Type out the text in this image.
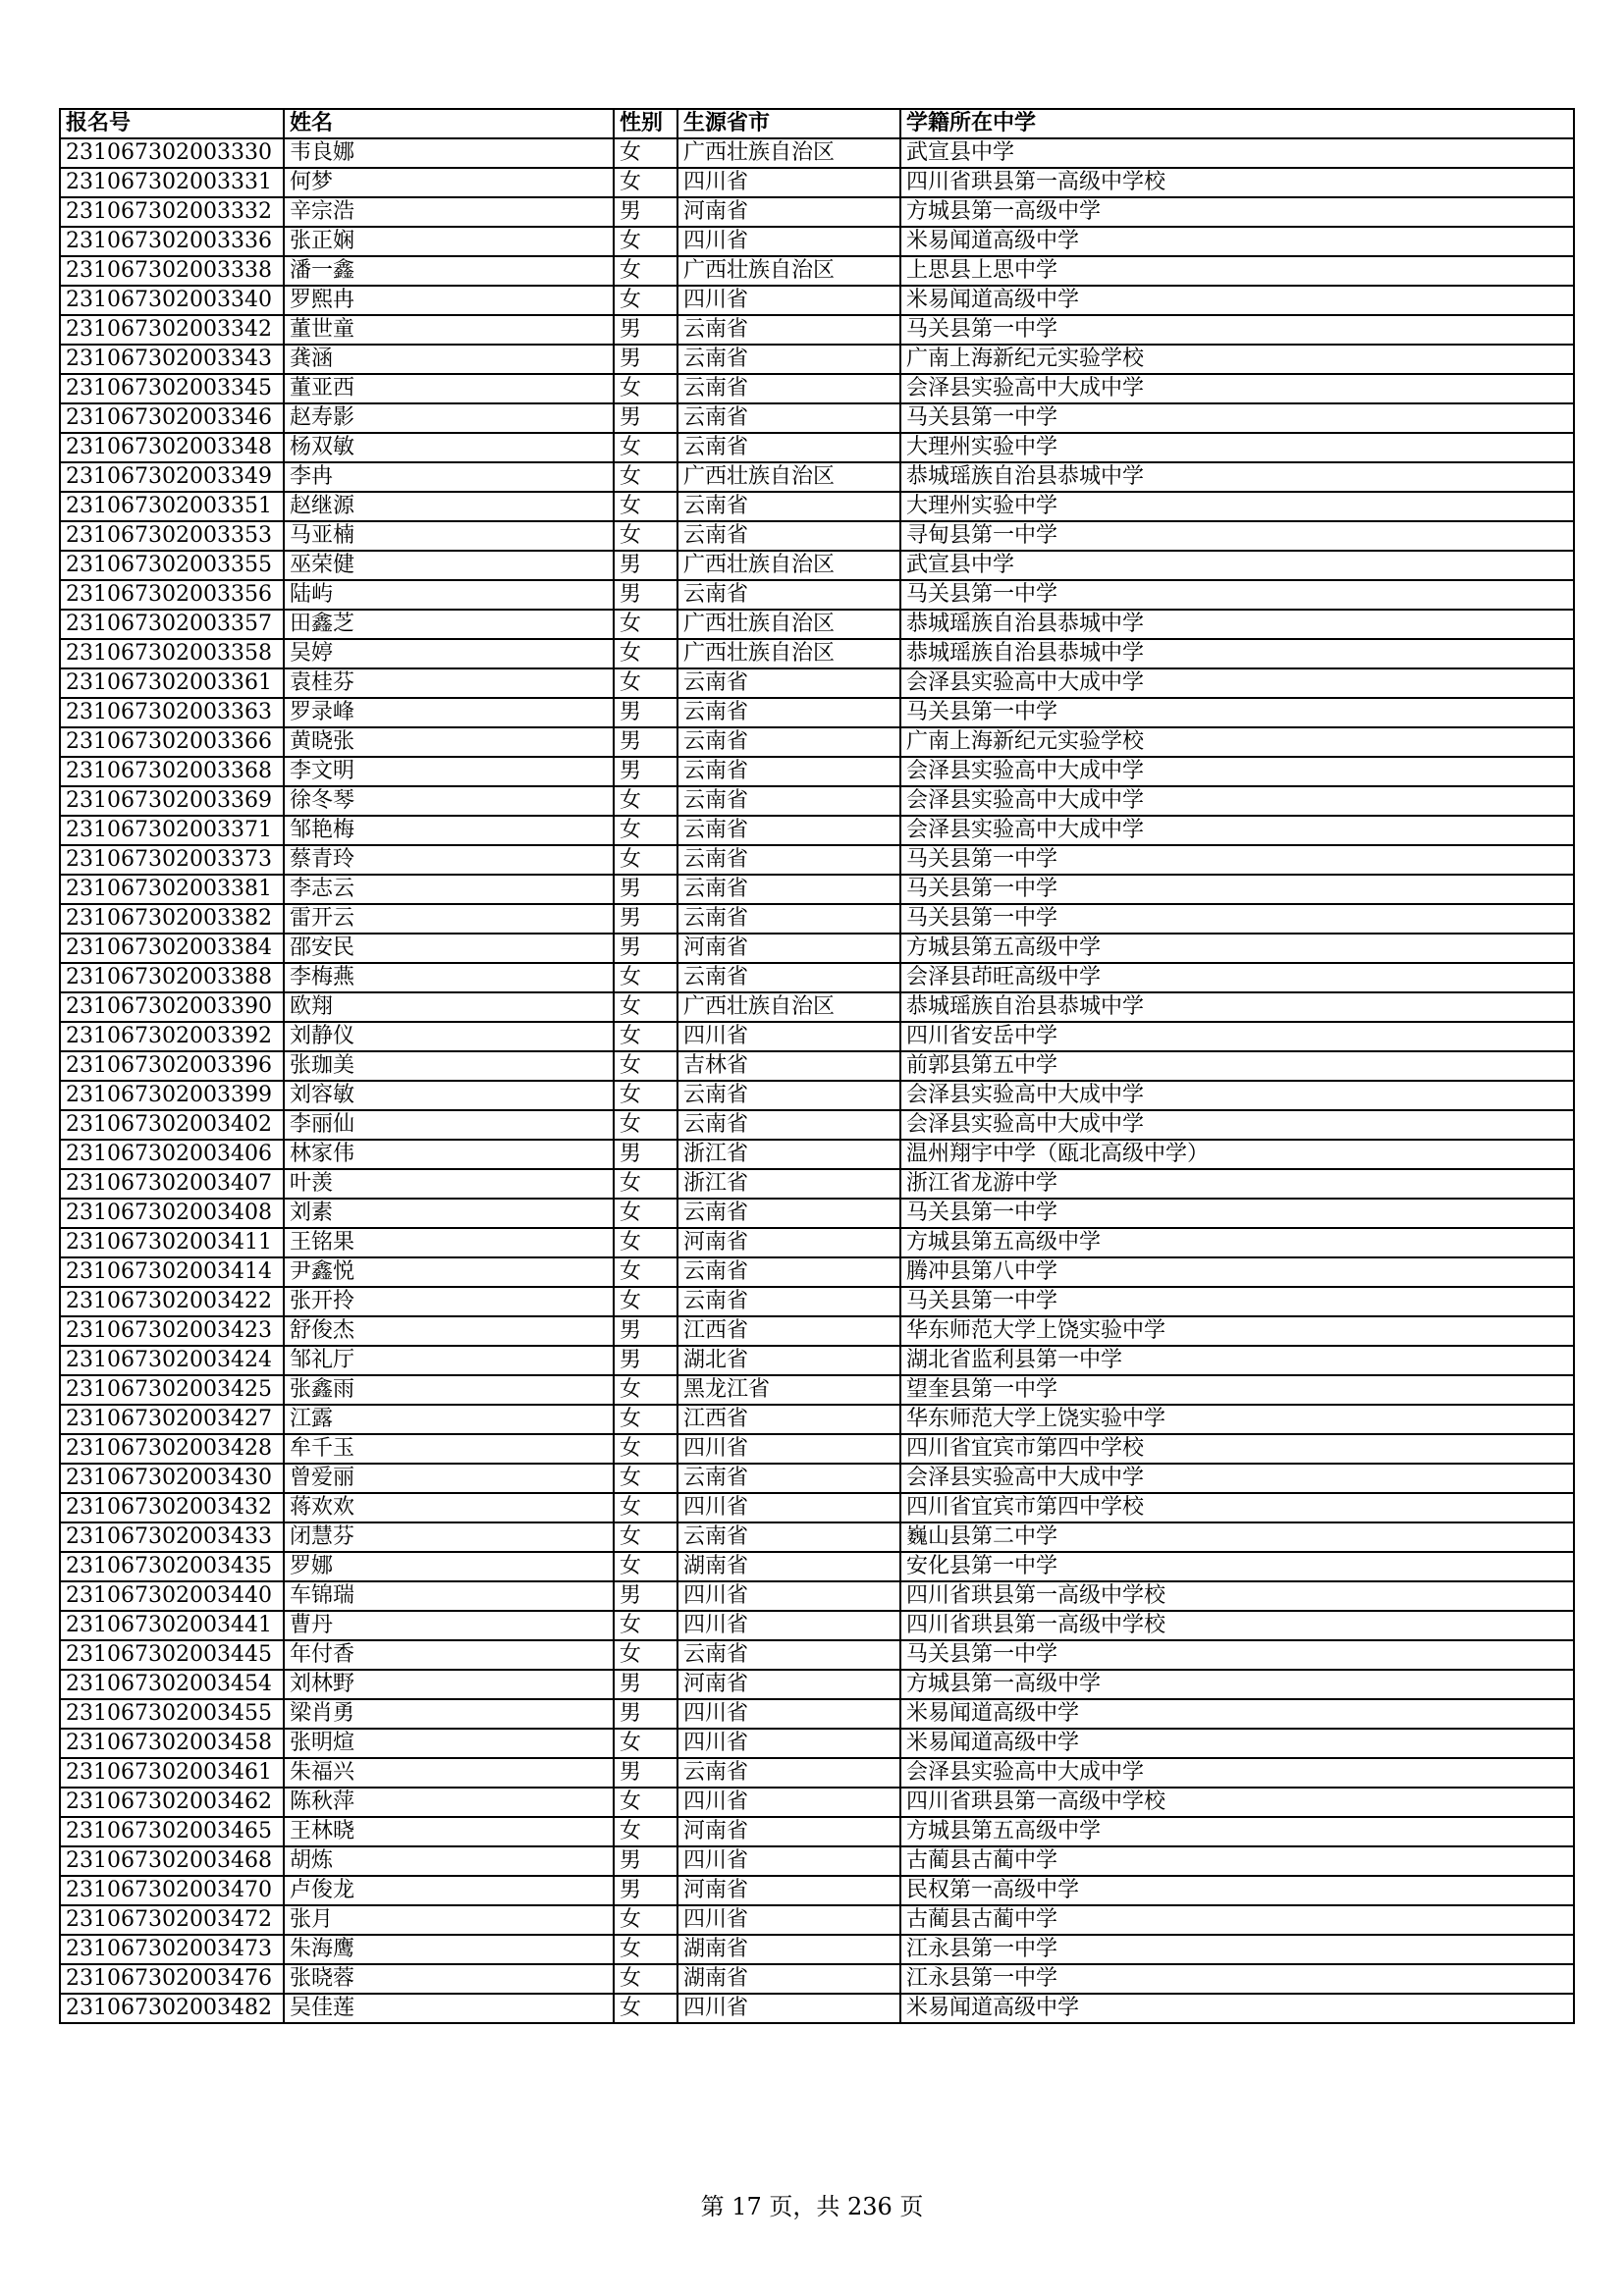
报名号	姓名	性别	生源省市	学籍所在中学
231067302003330	韦良娜	女	广西壮族自治区	武宣县中学
231067302003331	何梦	女	四川省	四川省珙县第一高级中学校
231067302003332	辛宗浩	男	河南省	方城县第一高级中学
231067302003336	张正娴	女	四川省	米易闻道高级中学
231067302003338	潘一鑫	女	广西壮族自治区	上思县上思中学
231067302003340	罗熙冉	女	四川省	米易闻道高级中学
231067302003342	董世童	男	云南省	马关县第一中学
231067302003343	龚涵	男	云南省	广南上海新纪元实验学校
231067302003345	董亚西	女	云南省	会泽县实验高中大成中学
231067302003346	赵寿影	男	云南省	马关县第一中学
231067302003348	杨双敏	女	云南省	大理州实验中学
231067302003349	李冉	女	广西壮族自治区	恭城瑶族自治县恭城中学
231067302003351	赵继源	女	云南省	大理州实验中学
231067302003353	马亚楠	女	云南省	寻甸县第一中学
231067302003355	巫荣健	男	广西壮族自治区	武宣县中学
231067302003356	陆屿	男	云南省	马关县第一中学
231067302003357	田鑫芝	女	广西壮族自治区	恭城瑶族自治县恭城中学
231067302003358	吴婷	女	广西壮族自治区	恭城瑶族自治县恭城中学
231067302003361	袁桂芬	女	云南省	会泽县实验高中大成中学
231067302003363	罗录峰	男	云南省	马关县第一中学
231067302003366	黄晓张	男	云南省	广南上海新纪元实验学校
231067302003368	李文明	男	云南省	会泽县实验高中大成中学
231067302003369	徐冬琴	女	云南省	会泽县实验高中大成中学
231067302003371	邹艳梅	女	云南省	会泽县实验高中大成中学
231067302003373	蔡青玲	女	云南省	马关县第一中学
231067302003381	李志云	男	云南省	马关县第一中学
231067302003382	雷开云	男	云南省	马关县第一中学
231067302003384	邵安民	男	河南省	方城县第五高级中学
231067302003388	李梅燕	女	云南省	会泽县茚旺高级中学
231067302003390	欧翔	女	广西壮族自治区	恭城瑶族自治县恭城中学
231067302003392	刘静仪	女	四川省	四川省安岳中学
231067302003396	张珈美	女	吉林省	前郭县第五中学
231067302003399	刘容敏	女	云南省	会泽县实验高中大成中学
231067302003402	李丽仙	女	云南省	会泽县实验高中大成中学
231067302003406	林家伟	男	浙江省	温州翔宇中学（瓯北高级中学）
231067302003407	叶羡	女	浙江省	浙江省龙游中学
231067302003408	刘素	女	云南省	马关县第一中学
231067302003411	王铭果	女	河南省	方城县第五高级中学
231067302003414	尹鑫悦	女	云南省	腾冲县第八中学
231067302003422	张开拎	女	云南省	马关县第一中学
231067302003423	舒俊杰	男	江西省	华东师范大学上饶实验中学
231067302003424	邹礼厅	男	湖北省	湖北省监利县第一中学
231067302003425	张鑫雨	女	黑龙江省	望奎县第一中学
231067302003427	江露	女	江西省	华东师范大学上饶实验中学
231067302003428	牟千玉	女	四川省	四川省宜宾市第四中学校
231067302003430	曾爱丽	女	云南省	会泽县实验高中大成中学
231067302003432	蒋欢欢	女	四川省	四川省宜宾市第四中学校
231067302003433	闭慧芬	女	云南省	巍山县第二中学
231067302003435	罗娜	女	湖南省	安化县第一中学
231067302003440	车锦瑞	男	四川省	四川省珙县第一高级中学校
231067302003441	曹丹	女	四川省	四川省珙县第一高级中学校
231067302003445	年付香	女	云南省	马关县第一中学
231067302003454	刘林野	男	河南省	方城县第一高级中学
231067302003455	梁肖勇	男	四川省	米易闻道高级中学
231067302003458	张明煊	女	四川省	米易闻道高级中学
231067302003461	朱福兴	男	云南省	会泽县实验高中大成中学
231067302003462	陈秋萍	女	四川省	四川省珙县第一高级中学校
231067302003465	王林晓	女	河南省	方城县第五高级中学
231067302003468	胡炼	男	四川省	古蔺县古蔺中学
231067302003470	卢俊龙	男	河南省	民权第一高级中学
231067302003472	张月	女	四川省	古蔺县古蔺中学
231067302003473	朱海鹰	女	湖南省	江永县第一中学
231067302003476	张晓蓉	女	湖南省	江永县第一中学
231067302003482	吴佳莲	女	四川省	米易闻道高级中学
第 17 页，共 236 页
